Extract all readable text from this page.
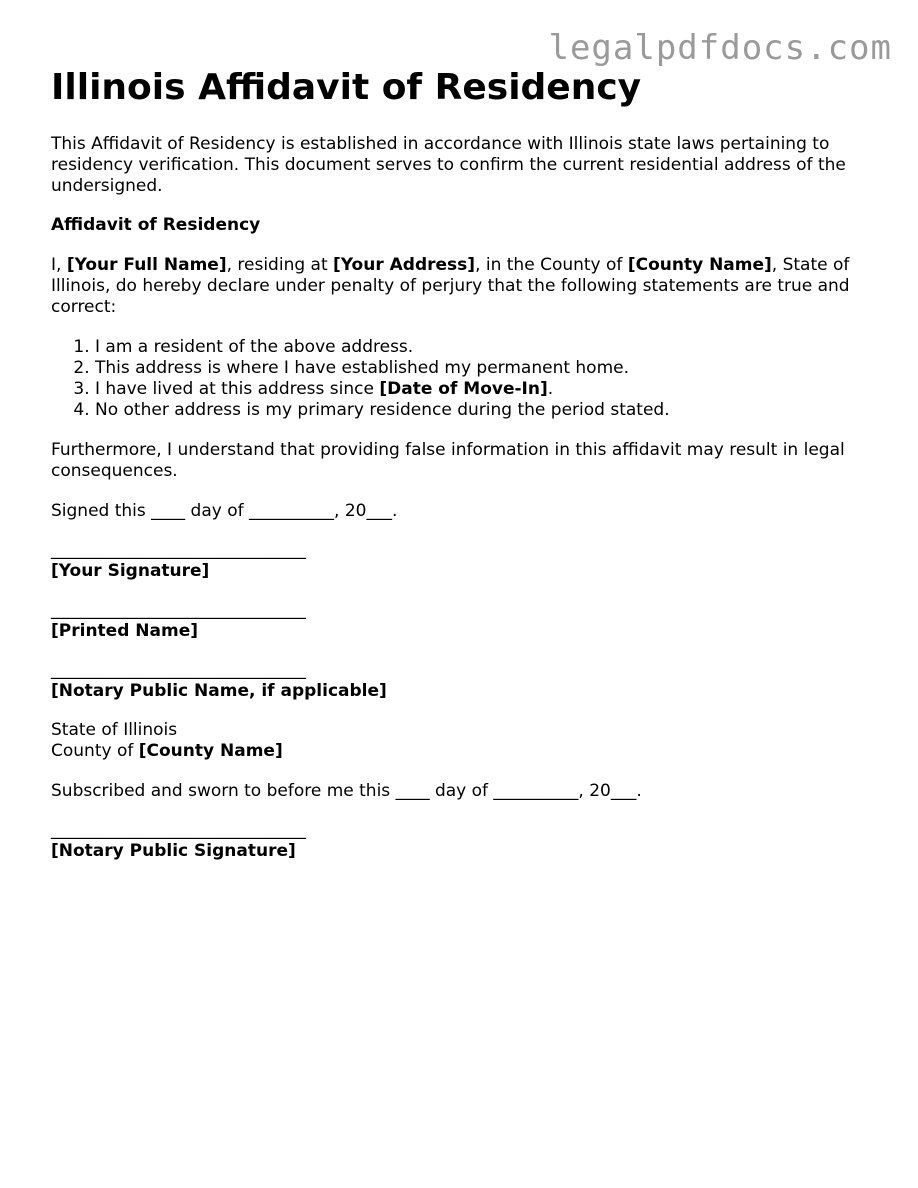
legalpdfdocs.com
Illinois Affidavit of Residency

This Affidavit of Residency is established in accordance with Illinois state laws pertaining to residency verification. This document serves to confirm the current residential address of the undersigned.

Affidavit of Residency

I, [Your Full Name], residing at [Your Address], in the County of [County Name], State of Illinois, do hereby declare under penalty of perjury that the following statements are true and correct:

1. I am a resident of the above address.
2. This address is where I have established my permanent home.
3. I have lived at this address since [Date of Move-In].
4. No other address is my primary residence during the period stated.

Furthermore, I understand that providing false information in this affidavit may result in legal consequences.

Signed this ____ day of __________, 20___.

______________________________
[Your Signature]
______________________________
[Printed Name]
______________________________
[Notary Public Name, if applicable]

State of Illinois

County of [County Name]

Subscribed and sworn to before me this ____ day of __________, 20___.

______________________________
[Notary Public Signature]
